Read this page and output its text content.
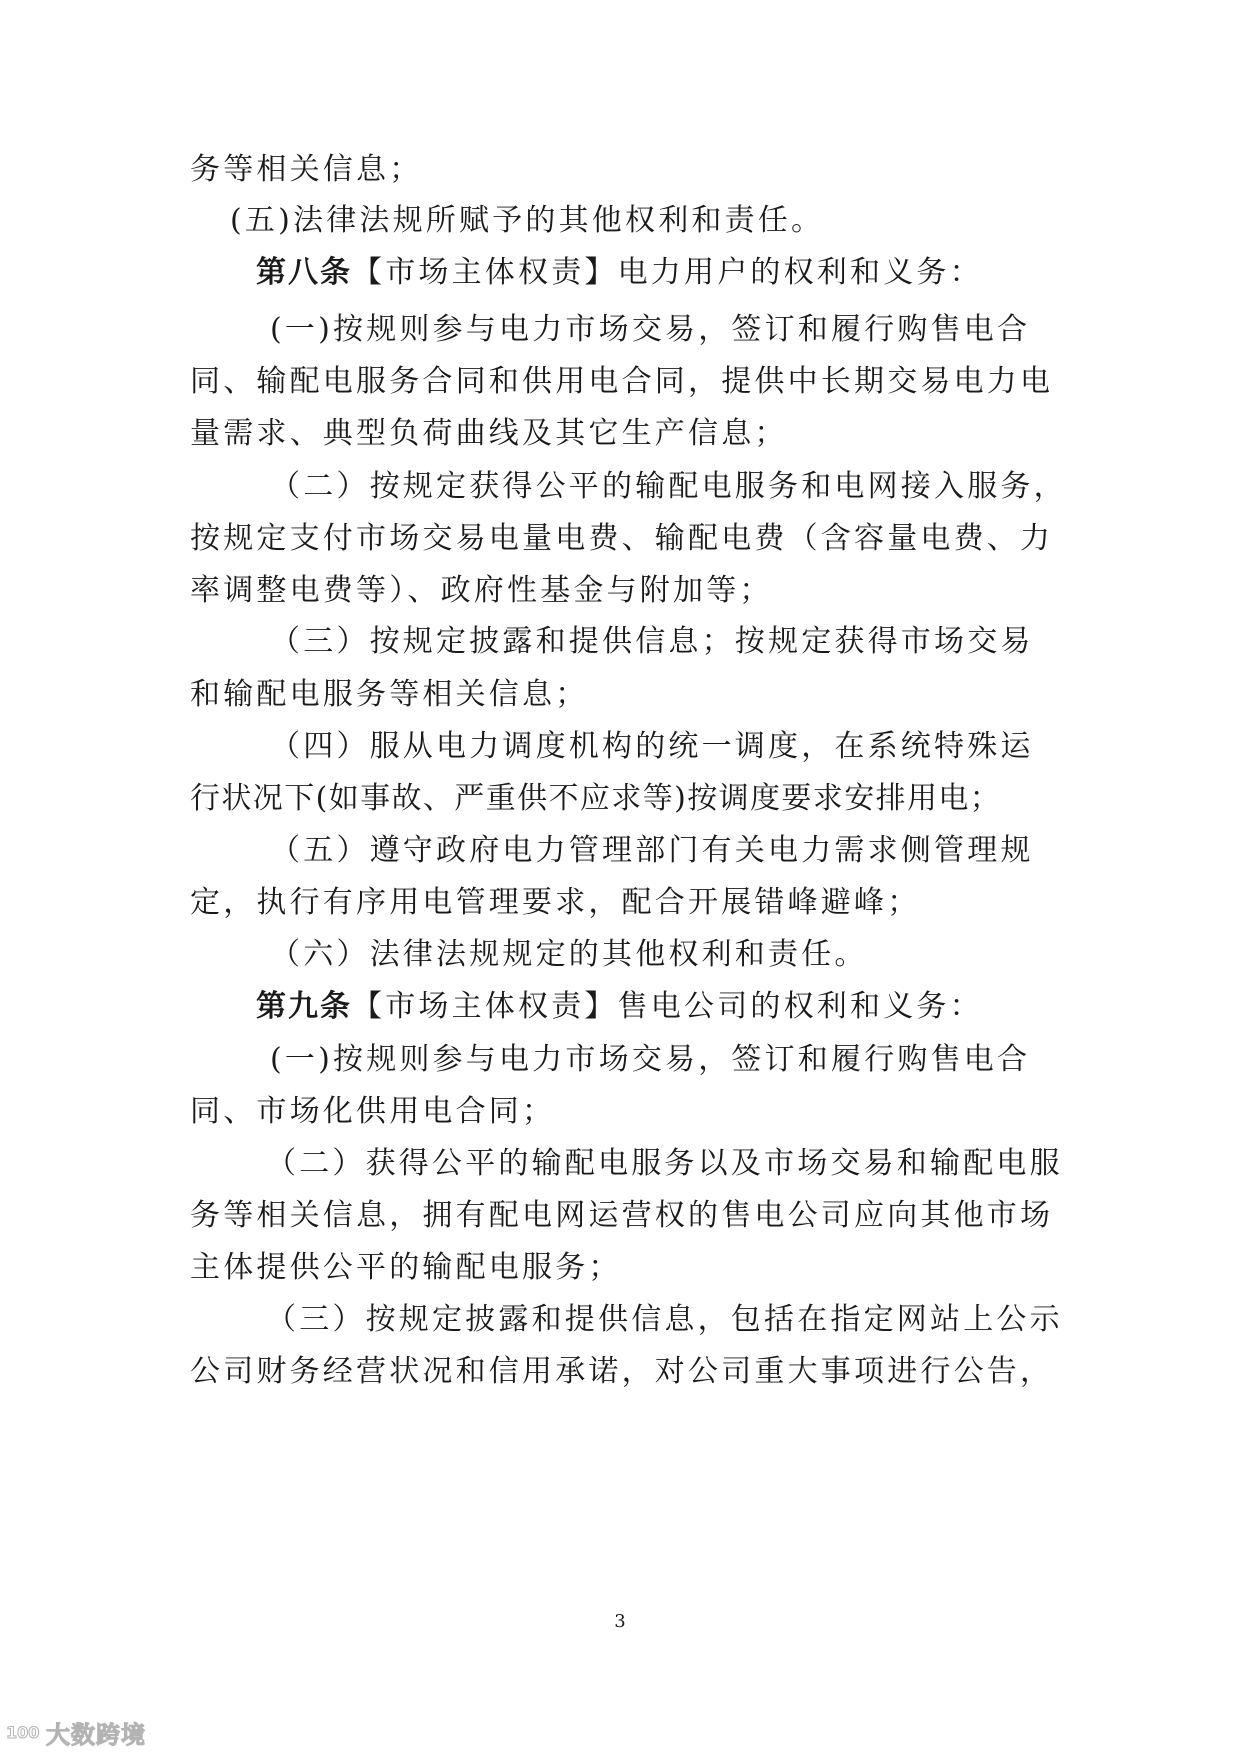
务等相关信息；

(五)法律法规所赋予的其他权利和责任。

第八条【市场主体权责】电力用户的权利和义务：

(一)按规则参与电力市场交易，签订和履行购售电合

同、输配电服务合同和供用电合同，提供中长期交易电力电

量需求、典型负荷曲线及其它生产信息；

（二）按规定获得公平的输配电服务和电网接入服务，

按规定支付市场交易电量电费、输配电费（含容量电费、力

率调整电费等）、政府性基金与附加等；

（三）按规定披露和提供信息；按规定获得市场交易

和输配电服务等相关信息；

（四）服从电力调度机构的统一调度，在系统特殊运

行状况下(如事故、严重供不应求等)按调度要求安排用电；

（五）遵守政府电力管理部门有关电力需求侧管理规

定，执行有序用电管理要求，配合开展错峰避峰；

（六）法律法规规定的其他权利和责任。

第九条【市场主体权责】售电公司的权利和义务：

(一)按规则参与电力市场交易，签订和履行购售电合

同、市场化供用电合同；

（二）获得公平的输配电服务以及市场交易和输配电服

务等相关信息，拥有配电网运营权的售电公司应向其他市场

主体提供公平的输配电服务；

（三）按规定披露和提供信息，包括在指定网站上公示

公司财务经营状况和信用承诺，对公司重大事项进行公告，

3
100 大数跨境
